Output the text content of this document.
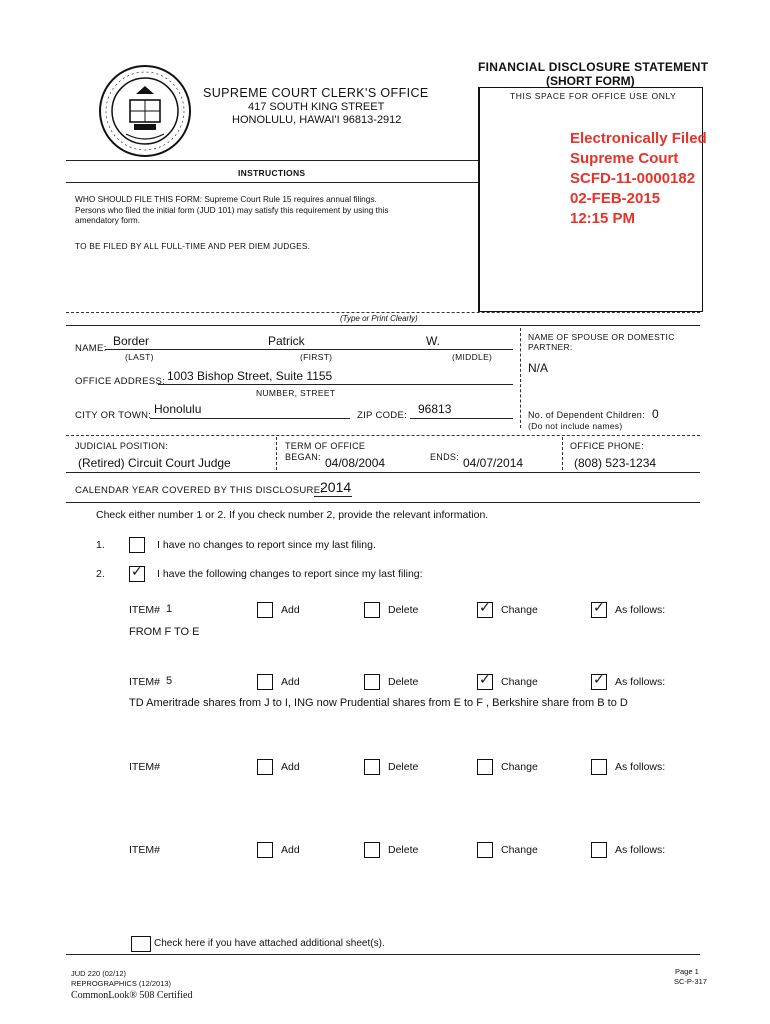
SUPREME COURT CLERK'S OFFICE
417 SOUTH KING STREET
HONOLULU, HAWAI'I 96813-2912
FINANCIAL DISCLOSURE STATEMENT
(SHORT FORM)
THIS SPACE FOR OFFICE USE ONLY
Electronically Filed
Supreme Court
SCFD-11-0000182
02-FEB-2015
12:15 PM
INSTRUCTIONS
WHO SHOULD FILE THIS FORM: Supreme Court Rule 15 requires annual filings.
Persons who filed the initial form (JUD 101) may satisfy this requirement by using this
amendatory form.
TO BE FILED BY ALL FULL-TIME AND PER DIEM JUDGES.
(Type or Print Clearly)
NAME:
Border	Patrick	W.
(LAST)	(FIRST)	(MIDDLE)
NAME OF SPOUSE OR DOMESTIC
PARTNER:
N/A
OFFICE ADDRESS: 1003 Bishop Street, Suite 1155
NUMBER, STREET
CITY OR TOWN: Honolulu	ZIP CODE: 96813	No. of Dependent Children: 0
(Do not include names)
JUDICIAL POSITION:
(Retired) Circuit Court Judge
TERM OF OFFICE
BEGAN: 04/08/2004	ENDS: 04/07/2014
OFFICE PHONE:
(808) 523-1234
CALENDAR YEAR COVERED BY THIS DISCLOSURE:
2014
Check either number 1 or 2. If you check number 2, provide the relevant information.
1.	I have no changes to report since my last filing.
2. ✓ I have the following changes to report since my last filing:
ITEM# 1	Add	Delete	✓ Change	✓ As follows:
FROM F TO E
ITEM# 5	Add	Delete	✓ Change	✓ As follows:
TD Ameritrade shares from J to I, ING now Prudential shares from E to F , Berkshire share from B to D
ITEM#	Add	Delete	Change	As follows:
ITEM#	Add	Delete	Change	As follows:
Check here if you have attached additional sheet(s).
JUD 220 (02/12)
REPROGRAPHICS (12/2013)
CommonLook® 508 Certified
Page 1
SC-P-317
